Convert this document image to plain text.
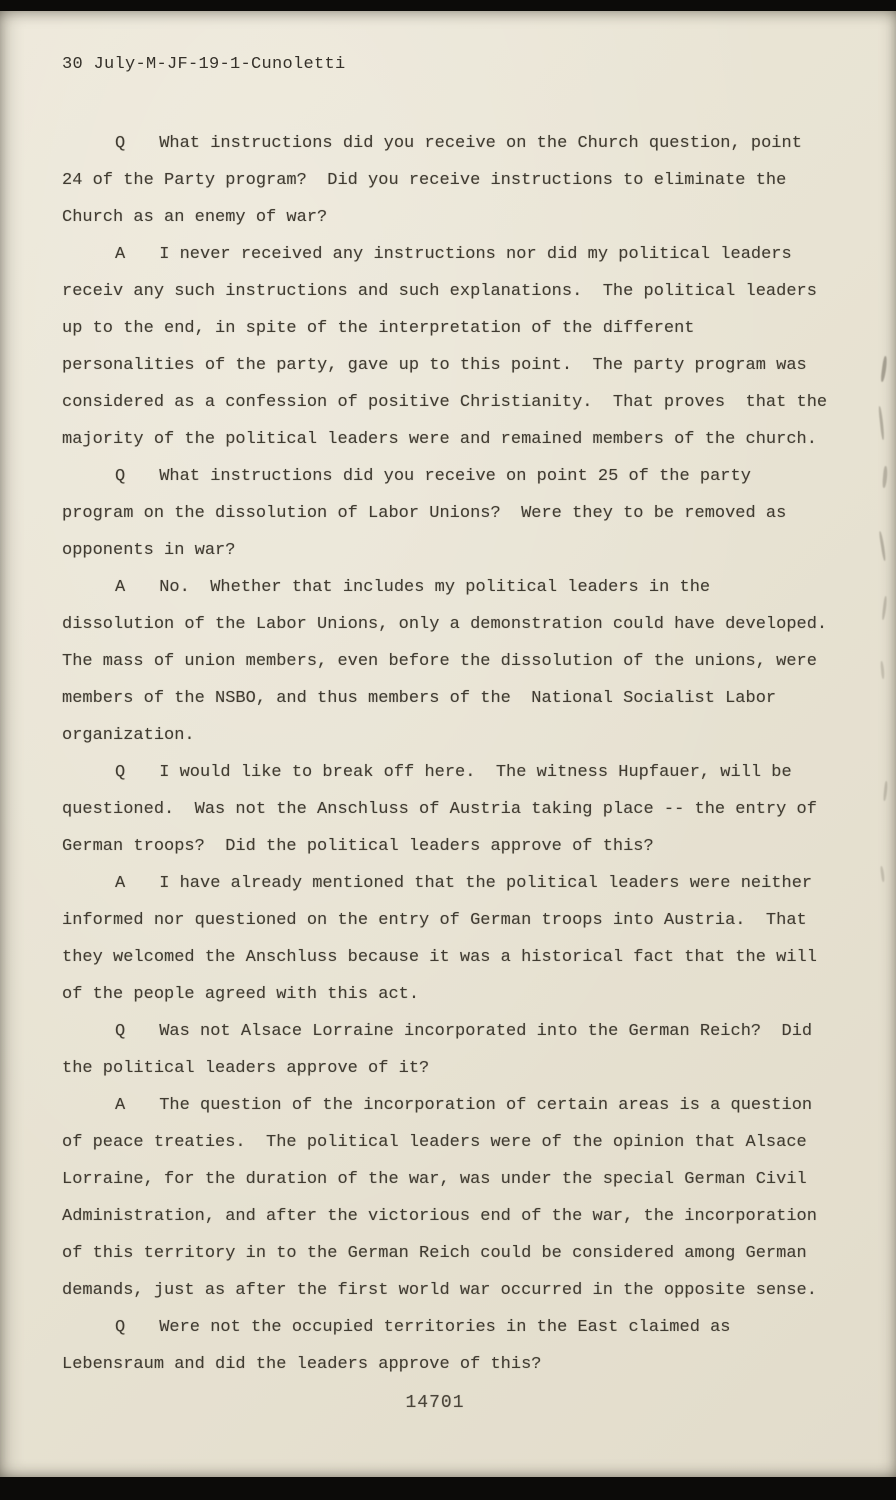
30 July-M-JF-19-1-Cunoletti

Q What instructions did you receive on the Church question, point 24 of the Party program?  Did you receive instructions to eliminate the Church as an enemy of war?

A I never received any instructions nor did my political leaders receiv any such instructions and such explanations.  The political leaders up to the end, in spite of the interpretation of the different personalities of the party, gave up to this point.  The party program was considered as a confession of positive Christianity.  That proves  that the majority of the political leaders were and remained members of the church.

Q What instructions did you receive on point 25 of the party program on the dissolution of Labor Unions?  Were they to be removed as opponents in war?

A No.  Whether that includes my political leaders in the dissolution of the Labor Unions, only a demonstration could have developed.  The mass of union members, even before the dissolution of the unions, were members of the NSBO, and thus members of the  National Socialist Labor organization.

Q I would like to break off here.  The witness Hupfauer, will be questioned.  Was not the Anschluss of Austria taking place -- the entry of German troops?  Did the political leaders approve of this?

A I have already mentioned that the political leaders were neither informed nor questioned on the entry of German troops into Austria.  That they welcomed the Anschluss because it was a historical fact that the will of the people agreed with this act.

Q Was not Alsace Lorraine incorporated into the German Reich?  Did the political leaders approve of it?

A The question of the incorporation of certain areas is a question of peace treaties.  The political leaders were of the opinion that Alsace Lorraine, for the duration of the war, was under the special German Civil Administration, and after the victorious end of the war, the incorporation of this territory in to the German Reich could be considered among German demands, just as after the first world war occurred in the opposite sense.

Q Were not the occupied territories in the East claimed as Lebensraum and did the leaders approve of this?

14701
